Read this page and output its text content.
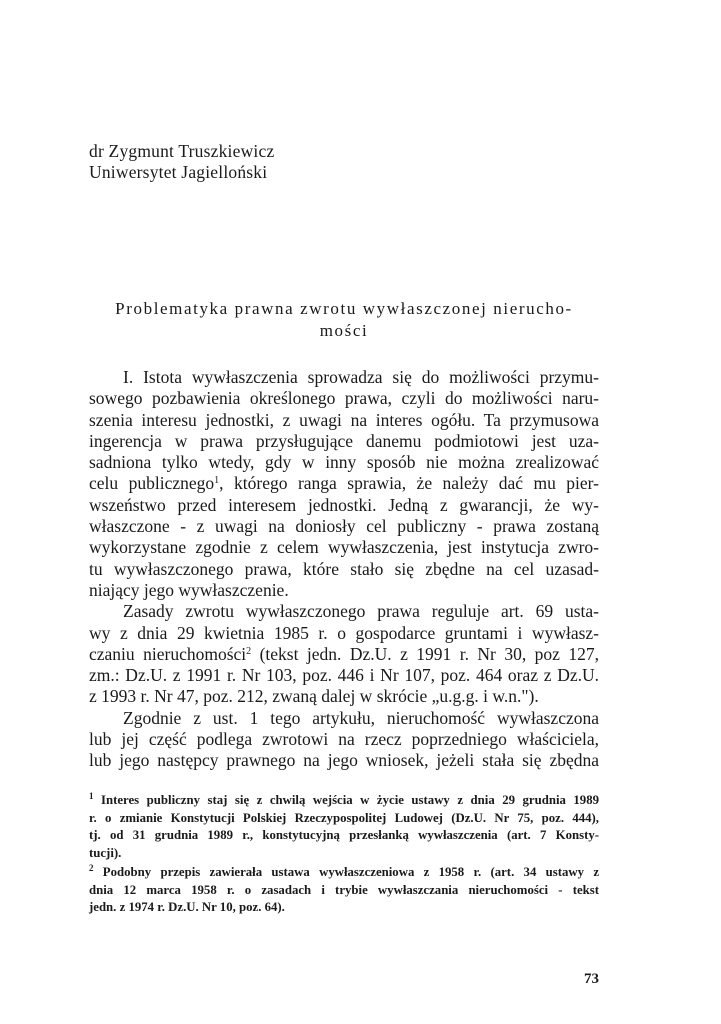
dr Zygmunt Truszkiewicz
Uniwersytet Jagielloński
Problematyka prawna zwrotu wywłaszczonej nierucho-
mości

I. Istota wywłaszczenia sprowadza się do możliwości przymu-
sowego pozbawienia określonego prawa, czyli do możliwości naru-
szenia interesu jednostki, z uwagi na interes ogółu. Ta przymusowa
ingerencja w prawa przysługujące danemu podmiotowi jest uza-
sadniona tylko wtedy, gdy w inny sposób nie można zrealizować
celu publicznego$^1$, którego ranga sprawia, że należy dać mu pier-
wszeństwo przed interesem jednostki. Jedną z gwarancji, że wy-
właszczone - z uwagi na doniosły cel publiczny - prawa zostaną
wykorzystane zgodnie z celem wywłaszczenia, jest instytucja zwro-
tu wywłaszczonego prawa, które stało się zbędne na cel uzasad-
niający jego wywłaszczenie.

Zasady zwrotu wywłaszczonego prawa reguluje art. 69 usta-
wy z dnia 29 kwietnia 1985 r. o gospodarce gruntami i wywłasz-
czaniu nieruchomości$^2$ (tekst jedn. Dz.U. z 1991 r. Nr 30, poz 127,
zm.: Dz.U. z 1991 r. Nr 103, poz. 446 i Nr 107, poz. 464 oraz z Dz.U.
z 1993 r. Nr 47, poz. 212, zwaną dalej w skrócie „u.g.g. i w.n.").

Zgodnie z ust. 1 tego artykułu, nieruchomość wywłaszczona
lub jej część podlega zwrotowi na rzecz poprzedniego właściciela,
lub jego następcy prawnego na jego wniosek, jeżeli stała się zbędna

$^1$ Interes publiczny staj się z chwilą wejścia w życie ustawy z dnia 29 grudnia 1989
r. o zmianie Konstytucji Polskiej Rzeczypospolitej Ludowej (Dz.U. Nr 75, poz. 444),
tj. od 31 grudnia 1989 r., konstytucyjną przesłanką wywłaszczenia (art. 7 Konsty-
tucji).
$^2$ Podobny przepis zawierała ustawa wywłaszczeniowa z 1958 r. (art. 34 ustawy z
dnia 12 marca 1958 r. o zasadach i trybie wywłaszczania nieruchomości - tekst
jedn. z 1974 r. Dz.U. Nr 10, poz. 64).
73
